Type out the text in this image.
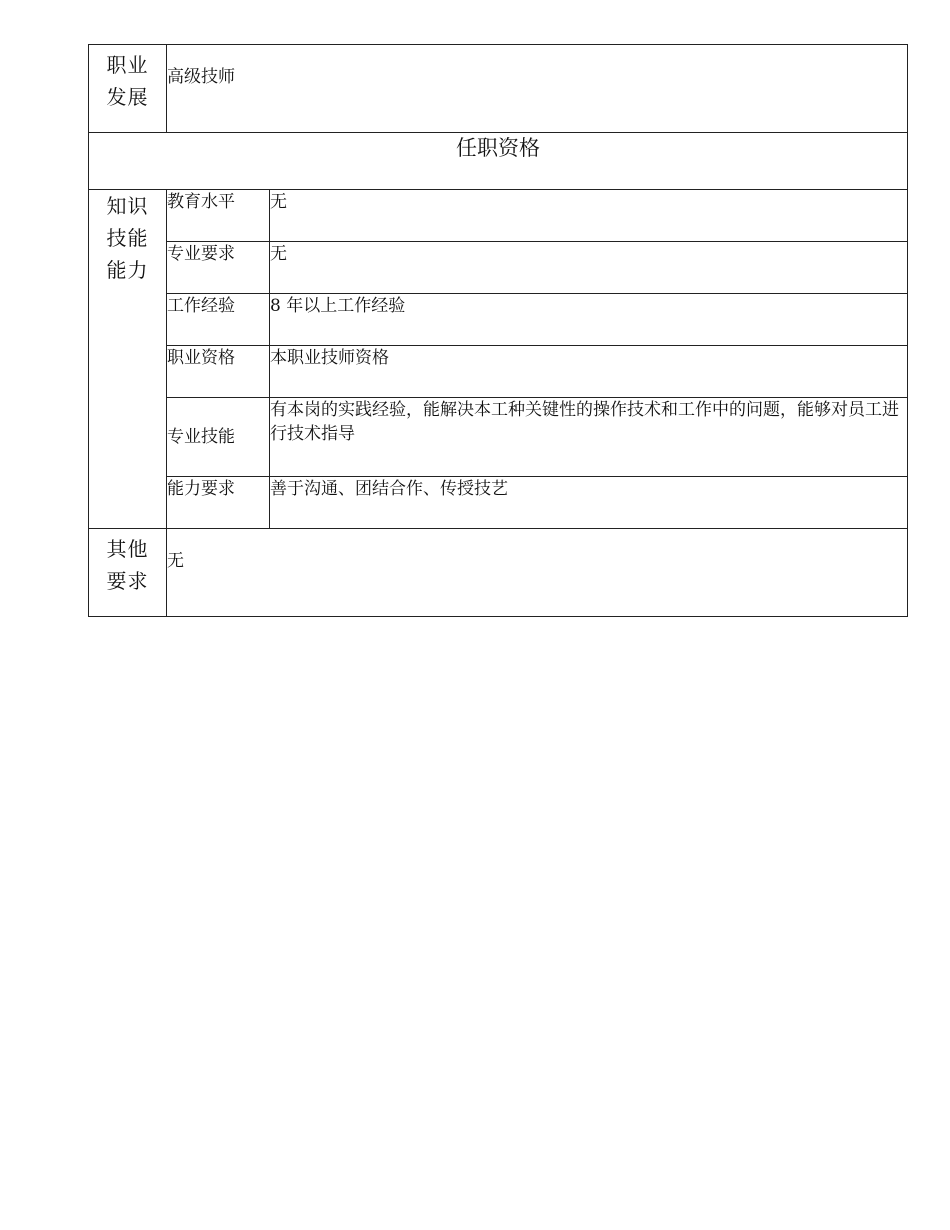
职业发展	高级技师	
任职资格		
知识技能能力	教育水平	无
	专业要求	无
	工作经验	8 年以上工作经验
	职业资格	本职业技师资格
	专业技能	有本岗的实践经验，能解决本工种关键性的操作技术和工作中的问题，能够对员工进行技术指导
	能力要求	善于沟通、团结合作、传授技艺
其他要求	无	
